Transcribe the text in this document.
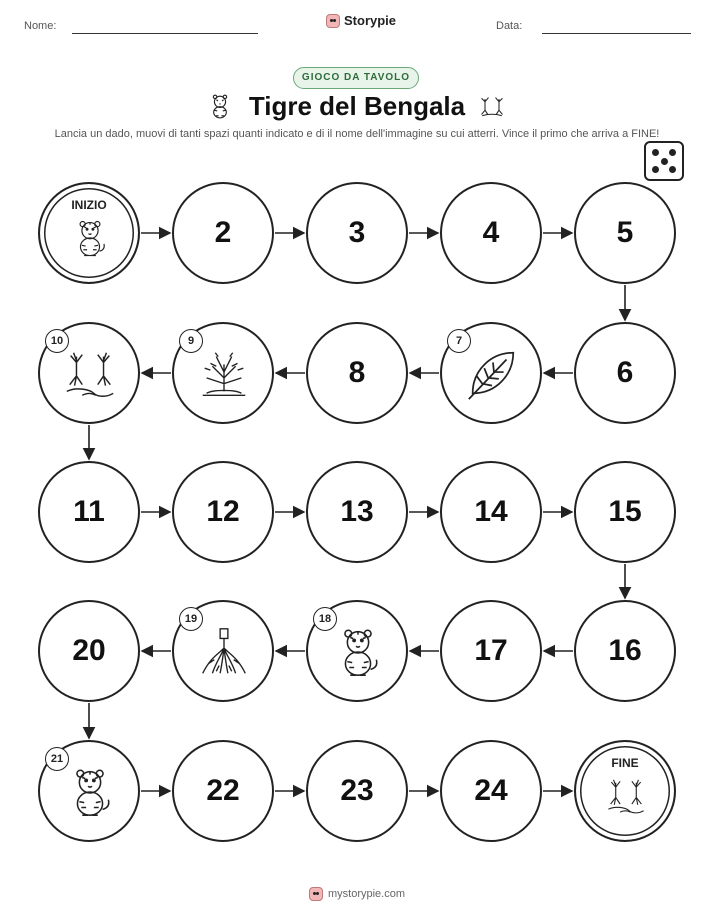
Nome:	Storypie	Data:
GIOCO DA TAVOLO
Tigre del Bengala
Lancia un dado, muovi di tanti spazi quanti indicato e di il nome dell'immagine su cui atterri. Vince il primo che arriva a FINE!
INIZIO
2	3	4	5
6
7
8
9
10
11	12	13	14	15
16
17
18
19
20
21
22	23	24
FINE
mystorypie.com
